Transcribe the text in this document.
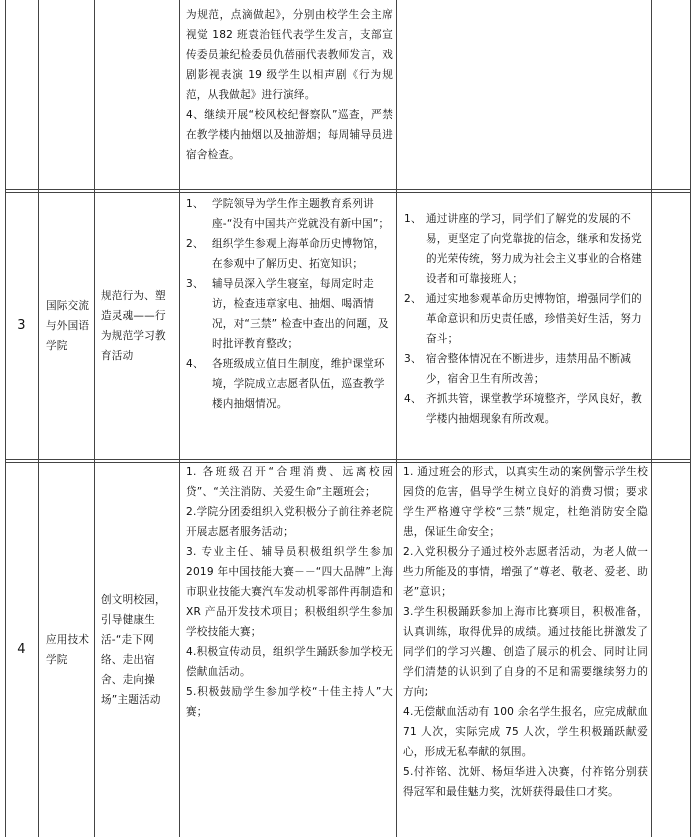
为规范，点滴做起》，分别由校学生会主席视觉 182 班袁治钰代表学生发言，支部宣传委员兼纪检委员仇蓓丽代表教师发言，戏剧影视表演 19 级学生以相声剧《行为规范，从我做起》进行演绎。

4、继续开展“校风校纪督察队”巡查，严禁在教学楼内抽烟以及抽游烟；每周辅导员进宿舍检查。

3
国际交流与外国语学院
规范行为、塑造灵魂——行为规范学习教育活动
1、 学院领导为学生作主题教育系列讲座-“没有中国共产党就没有新中国”；
2、 组织学生参观上海革命历史博物馆，在参观中了解历史、拓宽知识；
3、 辅导员深入学生寝室，每周定时走访，检查违章家电、抽烟、喝酒情况，对“三禁” 检查中查出的问题，及时批评教育整改；
4、 各班级成立值日生制度，维护课堂环境，学院成立志愿者队伍，巡查教学楼内抽烟情况。
1、 通过讲座的学习，同学们了解党的发展的不易，更坚定了向党靠拢的信念，继承和发扬党的光荣传统，努力成为社会主义事业的合格建设者和可靠接班人；
2、 通过实地参观革命历史博物馆，增强同学们的革命意识和历史责任感，珍惜美好生活，努力奋斗；
3、 宿舍整体情况在不断进步，违禁用品不断减少，宿舍卫生有所改善；
4、 齐抓共管，课堂教学环境整齐，学风良好，教学楼内抽烟现象有所改观。
4
应用技术学院
创文明校园，引导健康生活-“走下网络、走出宿舍、走向操场”主题活动

1. 各班级召开“合理消费、远离校园贷”、“关注消防、关爱生命”主题班会；

2.学院分团委组织入党积极分子前往养老院开展志愿者服务活动；

3. 专业主任、辅导员积极组织学生参加 2019 年中国技能大赛－－“四大品牌”上海市职业技能大赛汽车发动机零部件再制造和 XR 产品开发技术项目；积极组织学生参加学校技能大赛；

4.积极宣传动员，组织学生踊跃参加学校无偿献血活动。

5.积极鼓励学生参加学校“十佳主持人”大赛；

1. 通过班会的形式，以真实生动的案例警示学生校园贷的危害，倡导学生树立良好的消费习惯；要求学生严格遵守学校“三禁”规定，杜绝消防安全隐患，保证生命安全；

2.入党积极分子通过校外志愿者活动，为老人做一些力所能及的事情，增强了“尊老、敬老、爱老、助老”意识；

3.学生积极踊跃参加上海市比赛项目，积极准备，认真训练，取得优异的成绩。通过技能比拼激发了同学们的学习兴趣、创造了展示的机会、同时让同学们清楚的认识到了自身的不足和需要继续努力的方向;

4.无偿献血活动有 100 余名学生报名，应完成献血 71 人次，实际完成 75 人次，学生积极踊跃献爱心，形成无私奉献的氛围。

5.付祚铭、沈妍、杨烜华进入决赛，付祚铭分别获得冠军和最佳魅力奖，沈妍获得最佳口才奖。
